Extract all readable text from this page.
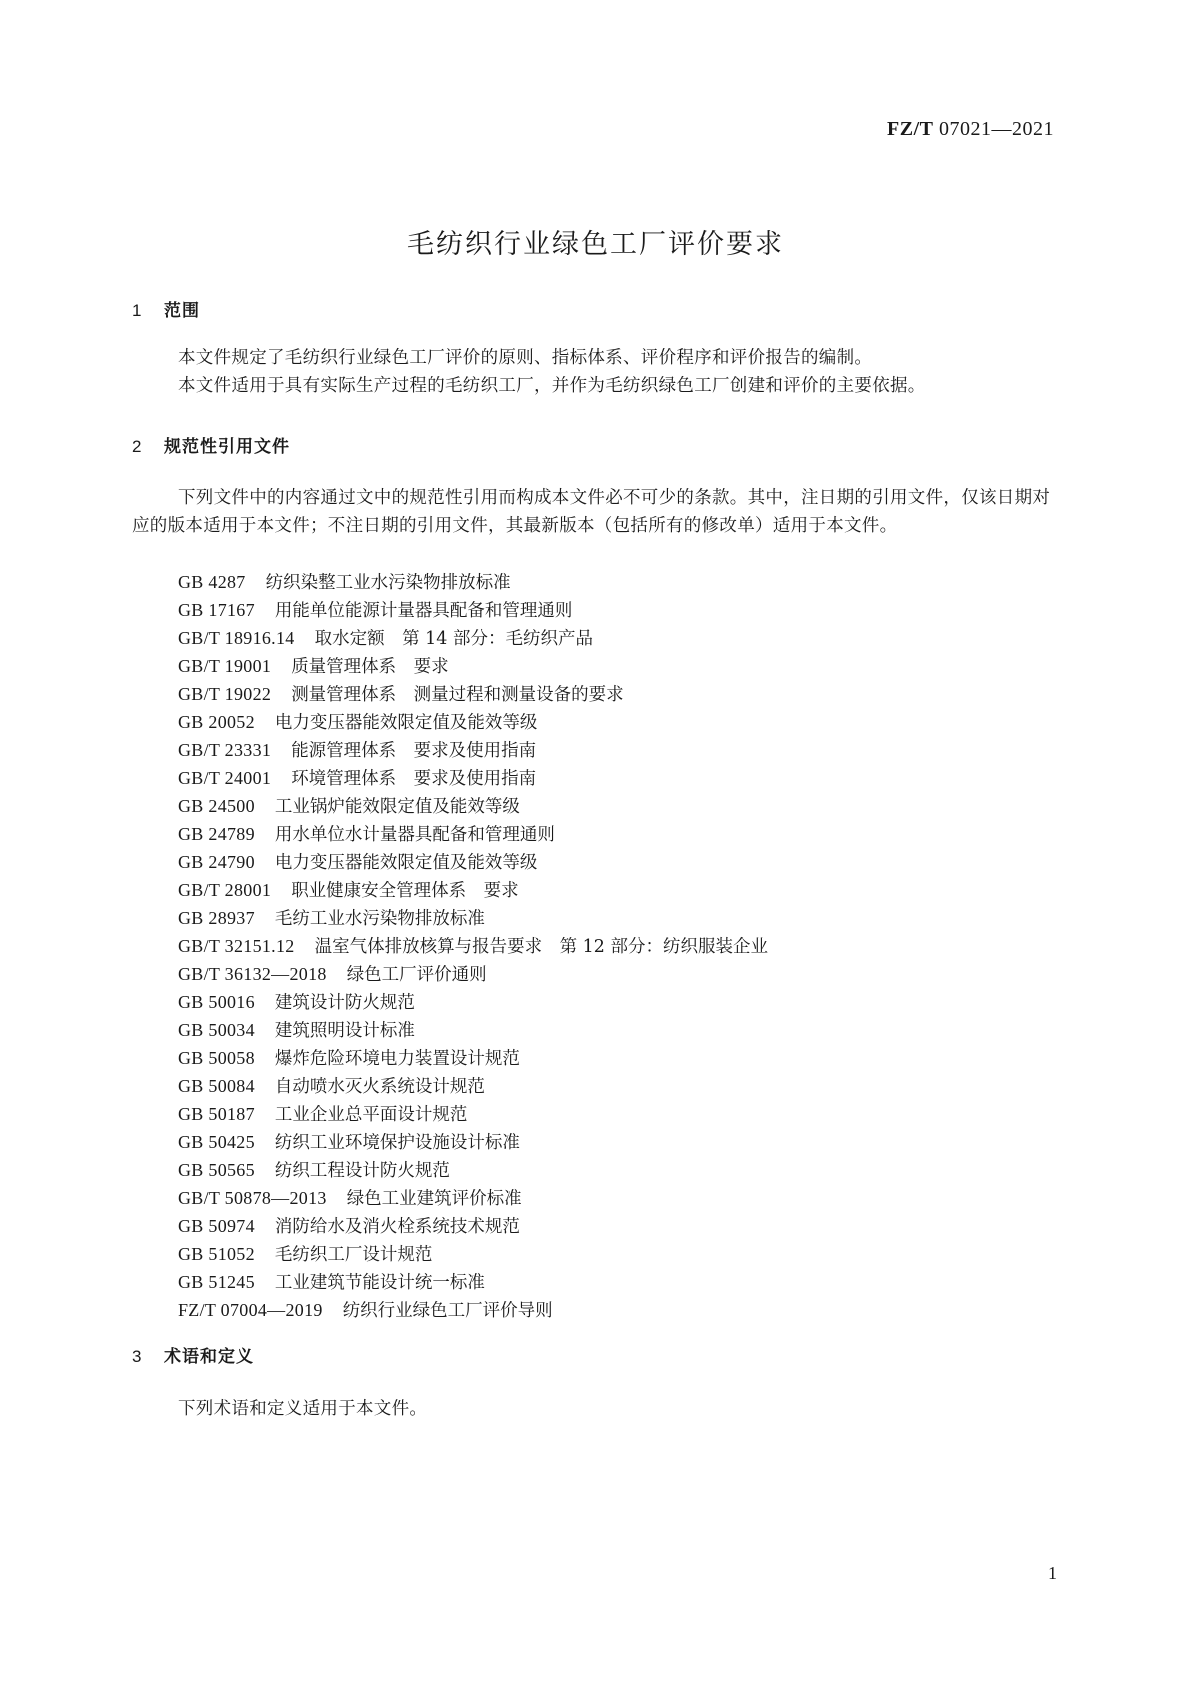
FZ/T 07021—2021
毛纺织行业绿色工厂评价要求
1 范围

本文件规定了毛纺织行业绿色工厂评价的原则、指标体系、评价程序和评价报告的编制。

本文件适用于具有实际生产过程的毛纺织工厂，并作为毛纺织绿色工厂创建和评价的主要依据。

2 规范性引用文件

下列文件中的内容通过文中的规范性引用而构成本文件必不可少的条款。其中，注日期的引用文件，仅该日期对应的版本适用于本文件；不注日期的引用文件，其最新版本（包括所有的修改单）适用于本文件。

GB 4287 纺织染整工业水污染物排放标准
GB 17167 用能单位能源计量器具配备和管理通则
GB/T 18916.14 取水定额　第 14 部分：毛纺织产品
GB/T 19001 质量管理体系　要求
GB/T 19022 测量管理体系　测量过程和测量设备的要求
GB 20052 电力变压器能效限定值及能效等级
GB/T 23331 能源管理体系　要求及使用指南
GB/T 24001 环境管理体系　要求及使用指南
GB 24500 工业锅炉能效限定值及能效等级
GB 24789 用水单位水计量器具配备和管理通则
GB 24790 电力变压器能效限定值及能效等级
GB/T 28001 职业健康安全管理体系　要求
GB 28937 毛纺工业水污染物排放标准
GB/T 32151.12 温室气体排放核算与报告要求　第 12 部分：纺织服装企业
GB/T 36132—2018 绿色工厂评价通则
GB 50016 建筑设计防火规范
GB 50034 建筑照明设计标准
GB 50058 爆炸危险环境电力装置设计规范
GB 50084 自动喷水灭火系统设计规范
GB 50187 工业企业总平面设计规范
GB 50425 纺织工业环境保护设施设计标准
GB 50565 纺织工程设计防火规范
GB/T 50878—2013 绿色工业建筑评价标准
GB 50974 消防给水及消火栓系统技术规范
GB 51052 毛纺织工厂设计规范
GB 51245 工业建筑节能设计统一标准
FZ/T 07004—2019 纺织行业绿色工厂评价导则
3 术语和定义

下列术语和定义适用于本文件。

1
